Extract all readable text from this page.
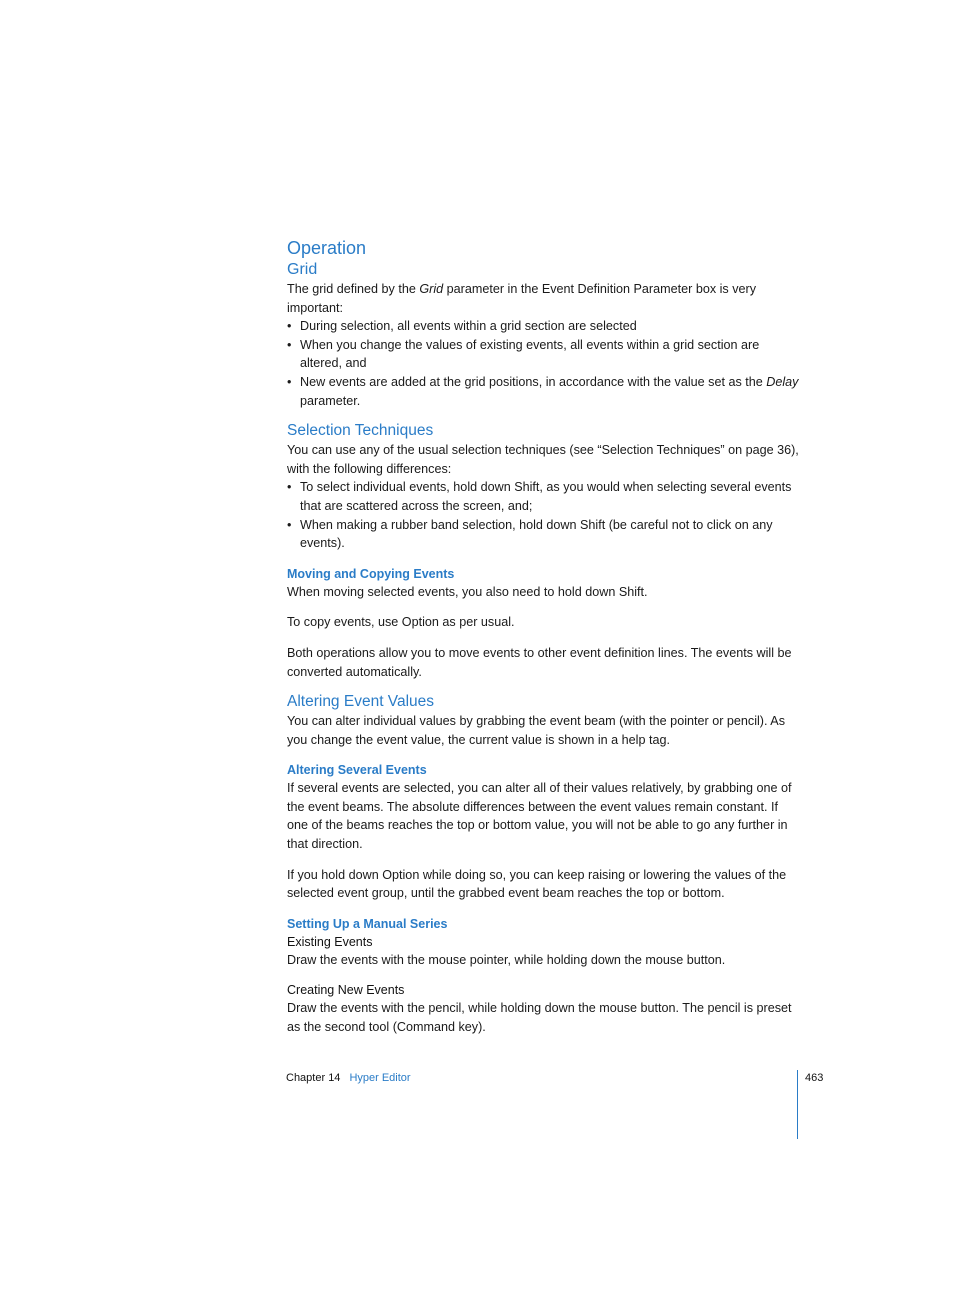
Operation
Grid

The grid defined by the Grid parameter in the Event Definition Parameter box is very important:

• During selection, all events within a grid section are selected
• When you change the values of existing events, all events within a grid section are altered, and
• New events are added at the grid positions, in accordance with the value set as the Delay parameter.
Selection Techniques

You can use any of the usual selection techniques (see “Selection Techniques” on page 36), with the following differences:

• To select individual events, hold down Shift, as you would when selecting several events that are scattered across the screen, and;
• When making a rubber band selection, hold down Shift (be careful not to click on any events).
Moving and Copying Events

When moving selected events, you also need to hold down Shift.

To copy events, use Option as per usual.

Both operations allow you to move events to other event definition lines. The events will be converted automatically.

Altering Event Values

You can alter individual values by grabbing the event beam (with the pointer or pencil). As you change the event value, the current value is shown in a help tag.

Altering Several Events

If several events are selected, you can alter all of their values relatively, by grabbing one of the event beams. The absolute differences between the event values remain constant. If one of the beams reaches the top or bottom value, you will not be able to go any further in that direction.

If you hold down Option while doing so, you can keep raising or lowering the values of the selected event group, until the grabbed event beam reaches the top or bottom.

Setting Up a Manual Series
Existing Events

Draw the events with the mouse pointer, while holding down the mouse button.

Creating New Events

Draw the events with the pencil, while holding down the mouse button. The pencil is preset as the second tool (Command key).

Chapter 14 Hyper Editor	463
